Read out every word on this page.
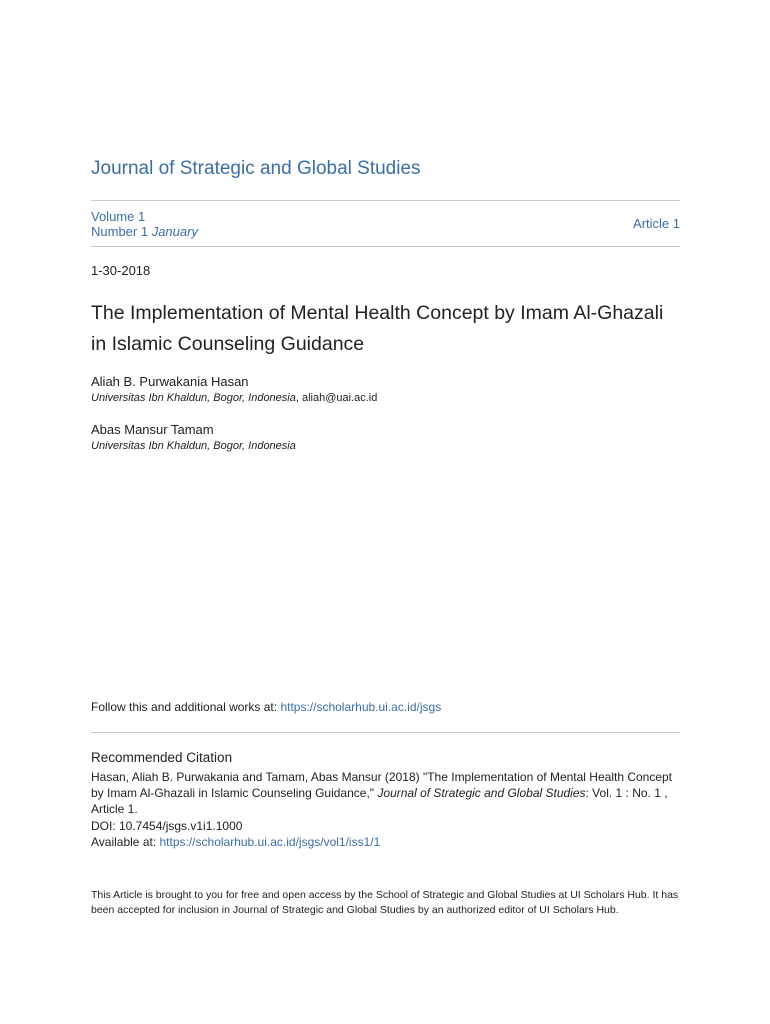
Journal of Strategic and Global Studies
Volume 1
Number 1 January
Article 1
1-30-2018
The Implementation of Mental Health Concept by Imam Al-Ghazali in Islamic Counseling Guidance
Aliah B. Purwakania Hasan
Universitas Ibn Khaldun, Bogor, Indonesia, aliah@uai.ac.id
Abas Mansur Tamam
Universitas Ibn Khaldun, Bogor, Indonesia
Follow this and additional works at: https://scholarhub.ui.ac.id/jsgs
Recommended Citation
Hasan, Aliah B. Purwakania and Tamam, Abas Mansur (2018) "The Implementation of Mental Health Concept by Imam Al-Ghazali in Islamic Counseling Guidance," Journal of Strategic and Global Studies: Vol. 1 : No. 1 , Article 1.
DOI: 10.7454/jsgs.v1i1.1000
Available at: https://scholarhub.ui.ac.id/jsgs/vol1/iss1/1
This Article is brought to you for free and open access by the School of Strategic and Global Studies at UI Scholars Hub. It has been accepted for inclusion in Journal of Strategic and Global Studies by an authorized editor of UI Scholars Hub.
